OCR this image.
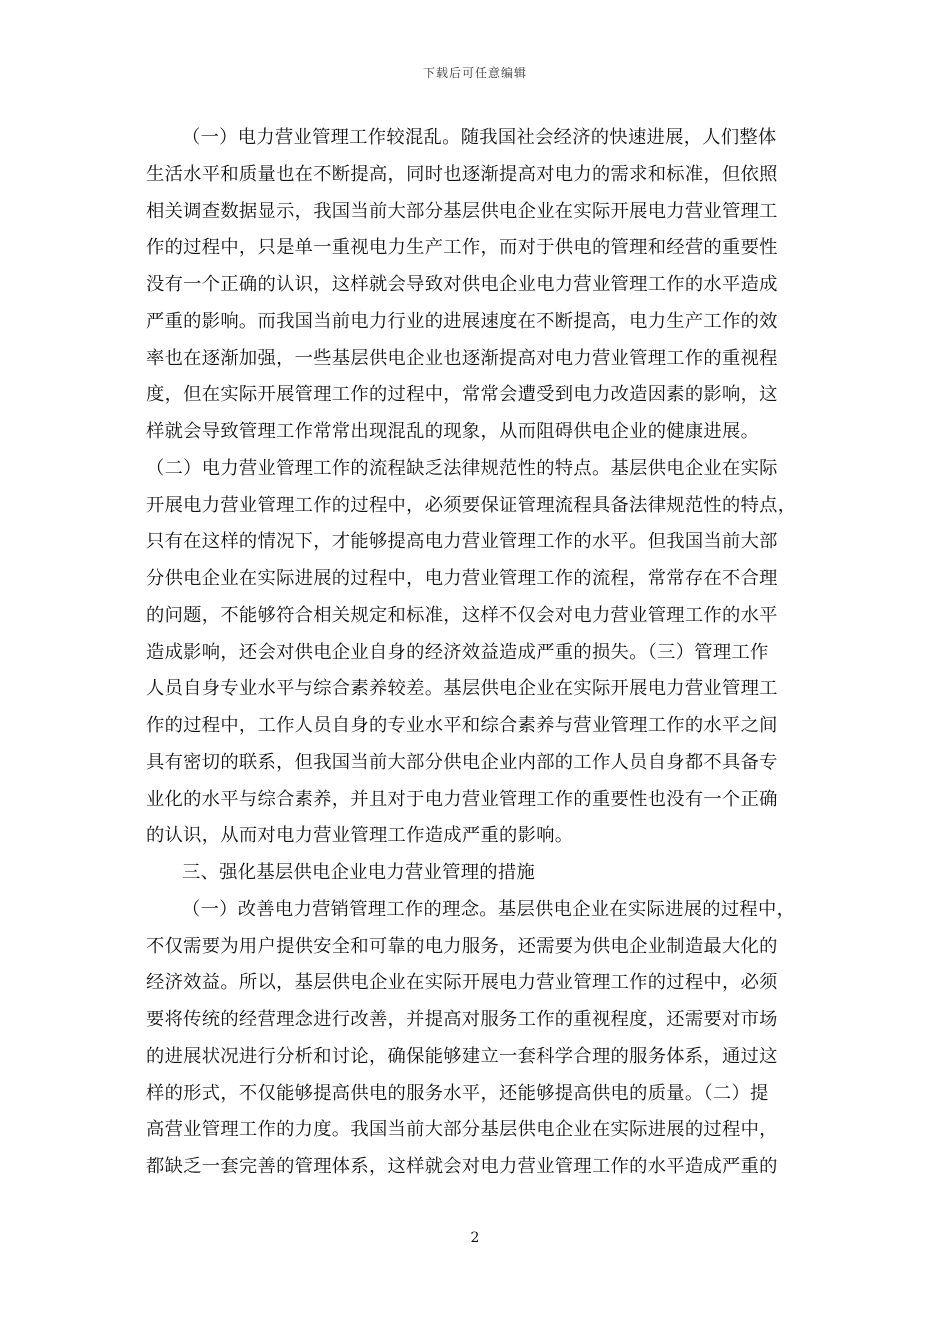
下载后可任意编辑
（一）电力营业管理工作较混乱。随我国社会经济的快速进展，人们整体
生活水平和质量也在不断提高，同时也逐渐提高对电力的需求和标准，但依照
相关调查数据显示，我国当前大部分基层供电企业在实际开展电力营业管理工
作的过程中，只是单一重视电力生产工作，而对于供电的管理和经营的重要性
没有一个正确的认识，这样就会导致对供电企业电力营业管理工作的水平造成
严重的影响。而我国当前电力行业的进展速度在不断提高，电力生产工作的效
率也在逐渐加强，一些基层供电企业也逐渐提高对电力营业管理工作的重视程
度，但在实际开展管理工作的过程中，常常会遭受到电力改造因素的影响，这
样就会导致管理工作常常出现混乱的现象，从而阻碍供电企业的健康进展。
（二）电力营业管理工作的流程缺乏法律规范性的特点。基层供电企业在实际
开展电力营业管理工作的过程中，必须要保证管理流程具备法律规范性的特点，
只有在这样的情况下，才能够提高电力营业管理工作的水平。但我国当前大部
分供电企业在实际进展的过程中，电力营业管理工作的流程，常常存在不合理
的问题，不能够符合相关规定和标准，这样不仅会对电力营业管理工作的水平
造成影响，还会对供电企业自身的经济效益造成严重的损失。（三）管理工作
人员自身专业水平与综合素养较差。基层供电企业在实际开展电力营业管理工
作的过程中，工作人员自身的专业水平和综合素养与营业管理工作的水平之间
具有密切的联系，但我国当前大部分供电企业内部的工作人员自身都不具备专
业化的水平与综合素养，并且对于电力营业管理工作的重要性也没有一个正确
的认识，从而对电力营业管理工作造成严重的影响。
三、强化基层供电企业电力营业管理的措施
（一）改善电力营销管理工作的理念。基层供电企业在实际进展的过程中，
不仅需要为用户提供安全和可靠的电力服务，还需要为供电企业制造最大化的
经济效益。所以，基层供电企业在实际开展电力营业管理工作的过程中，必须
要将传统的经营理念进行改善，并提高对服务工作的重视程度，还需要对市场
的进展状况进行分析和讨论，确保能够建立一套科学合理的服务体系，通过这
样的形式，不仅能够提高供电的服务水平，还能够提高供电的质量。（二）提
高营业管理工作的力度。我国当前大部分基层供电企业在实际进展的过程中，
都缺乏一套完善的管理体系，这样就会对电力营业管理工作的水平造成严重的
2
